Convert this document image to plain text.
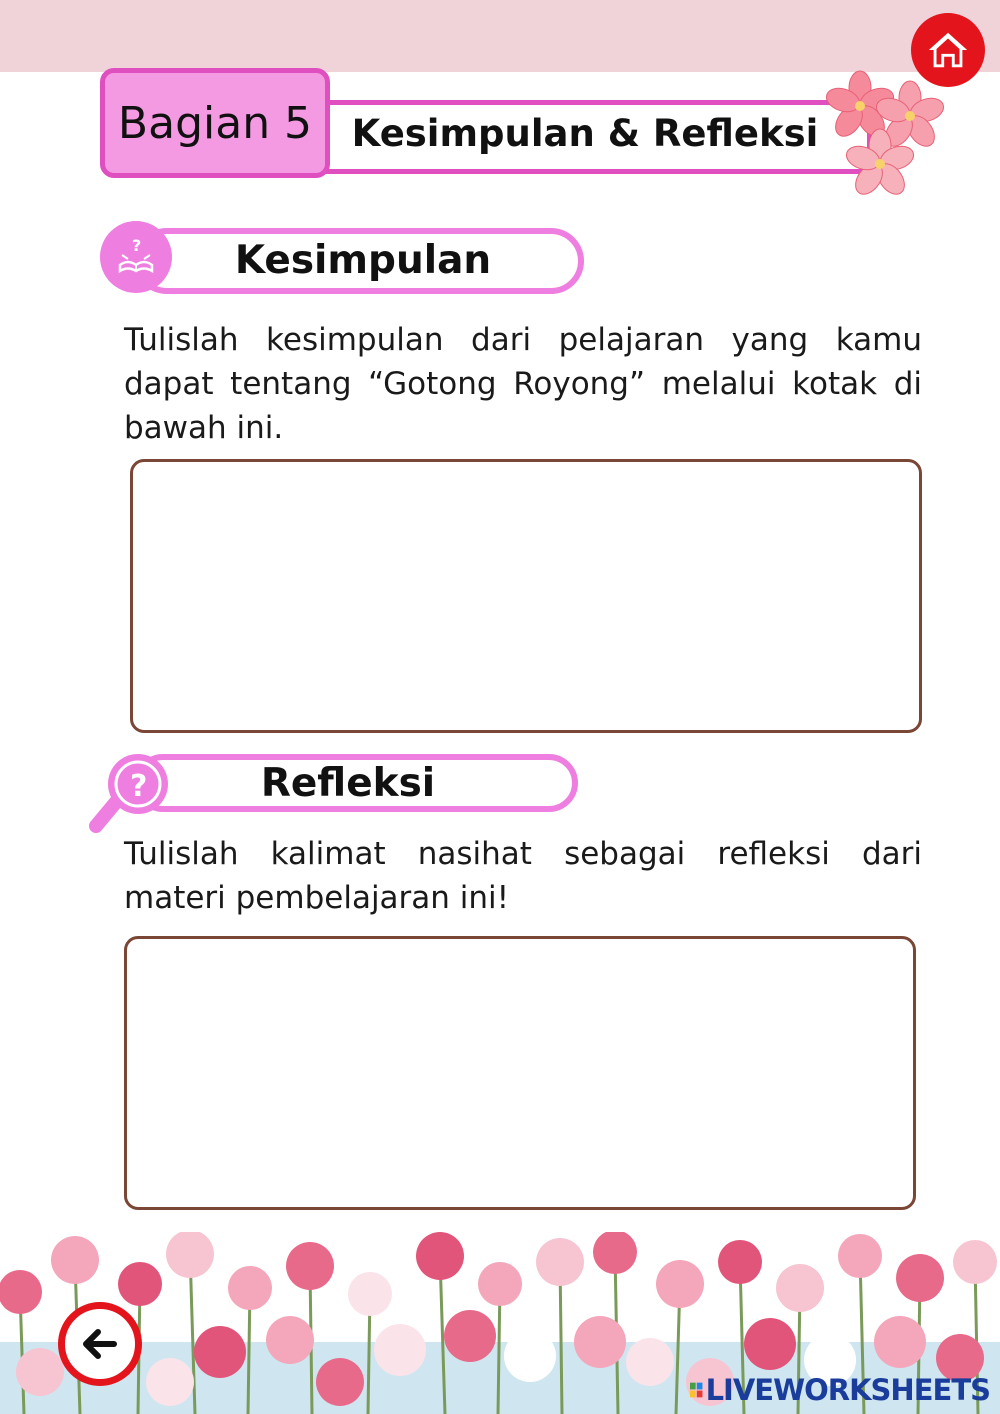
Bagian 5	Kesimpulan & Refleksi
?	Kesimpulan
Tulislah kesimpulan dari pelajaran yang kamu dapat tentang “Gotong Royong” melalui kotak di bawah ini.
?	Refleksi
Tulislah kalimat nasihat sebagai refleksi dari materi pembelajaran ini!
LIVEWORKSHEETS
